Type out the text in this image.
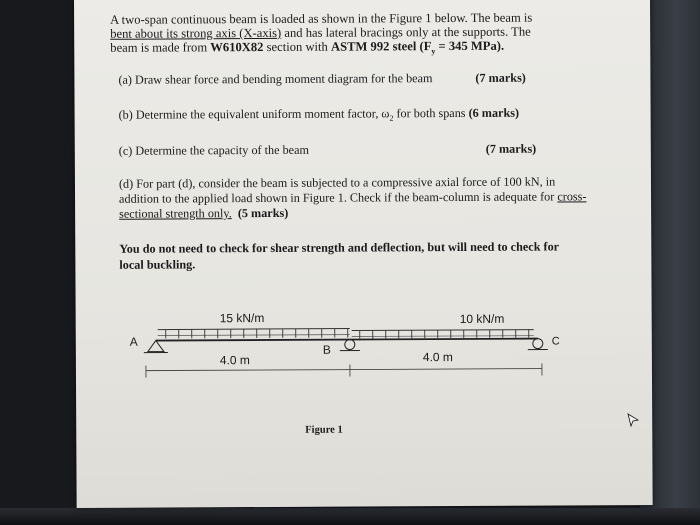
A two-span continuous beam is loaded as shown in the Figure 1 below. The beam is
bent about its strong axis (X-axis) and has lateral bracings only at the supports. The
beam is made from W610X82 section with ASTM 992 steel ($F_y = 345$ MPa).
(a) Draw shear force and bending moment diagram for the beam	(7 marks)
(b) Determine the equivalent uniform moment factor, $\omega_2$ for both spans (6 marks)
(c) Determine the capacity of the beam	(7 marks)
(d) For part (d), consider the beam is subjected to a compressive axial force of 100 kN, in
addition to the applied load shown in Figure 1. Check if the beam-column is adequate for cross-
sectional strength only. (5 marks)
You do not need to check for shear strength and deflection, but will need to check for
local buckling.
15 kN/m	10 kN/m
A
B
C
4.0 m	4.0 m
Figure 1
